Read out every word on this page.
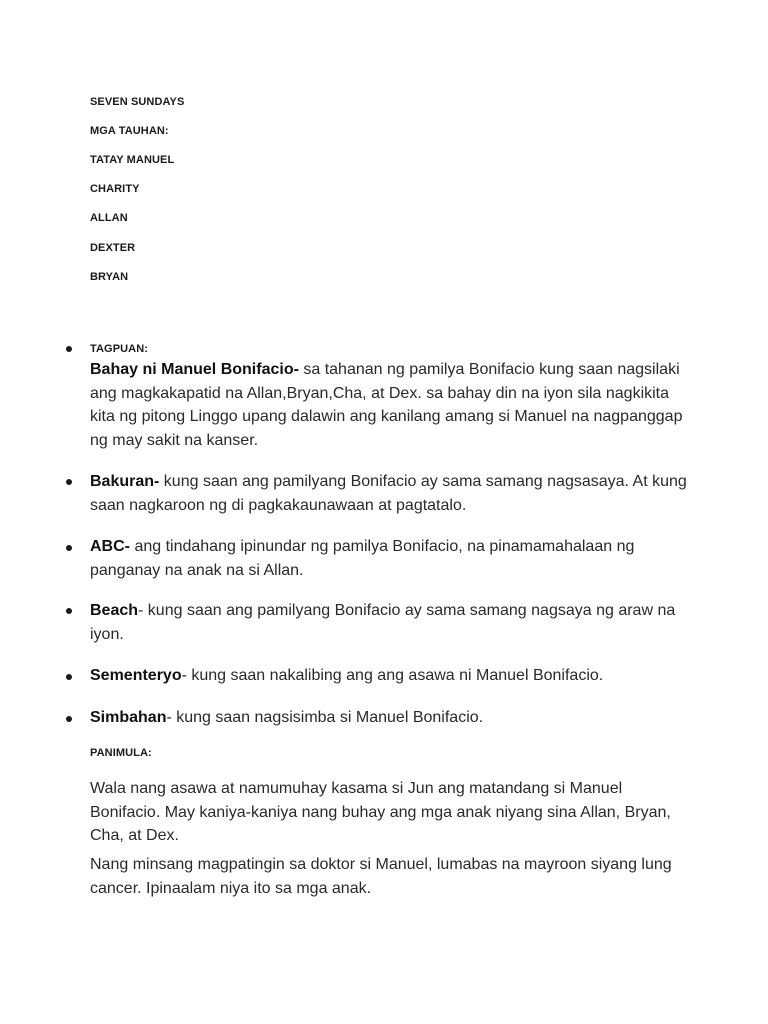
SEVEN SUNDAYS

MGA TAUHAN:

TATAY MANUEL

CHARITY

ALLAN

DEXTER

BRYAN

TAGPUAN:

Bahay ni Manuel Bonifacio- sa tahanan ng pamilya Bonifacio kung saan nagsilaki ang magkakapatid na Allan,Bryan,Cha, at Dex. sa bahay din na iyon sila nagkikita kita ng pitong Linggo upang dalawin ang kanilang amang si Manuel na nagpanggap ng may sakit na kanser.

Bakuran- kung saan ang pamilyang Bonifacio ay sama samang nagsasaya. At kung saan nagkaroon ng di pagkakaunawaan at pagtatalo.

ABC- ang tindahang ipinundar ng pamilya Bonifacio, na pinamamahalaan ng panganay na anak na si Allan.

Beach- kung saan ang pamilyang Bonifacio ay sama samang nagsaya ng araw na iyon.

Sementeryo- kung saan nakalibing ang ang asawa ni Manuel Bonifacio.

Simbahan- kung saan nagsisimba si Manuel Bonifacio.

PANIMULA:

Wala nang asawa at namumuhay kasama si Jun ang matandang si Manuel Bonifacio. May kaniya-kaniya nang buhay ang mga anak niyang sina Allan, Bryan, Cha, at Dex.

Nang minsang magpatingin sa doktor si Manuel, lumabas na mayroon siyang lung cancer. Ipinaalam niya ito sa mga anak.
